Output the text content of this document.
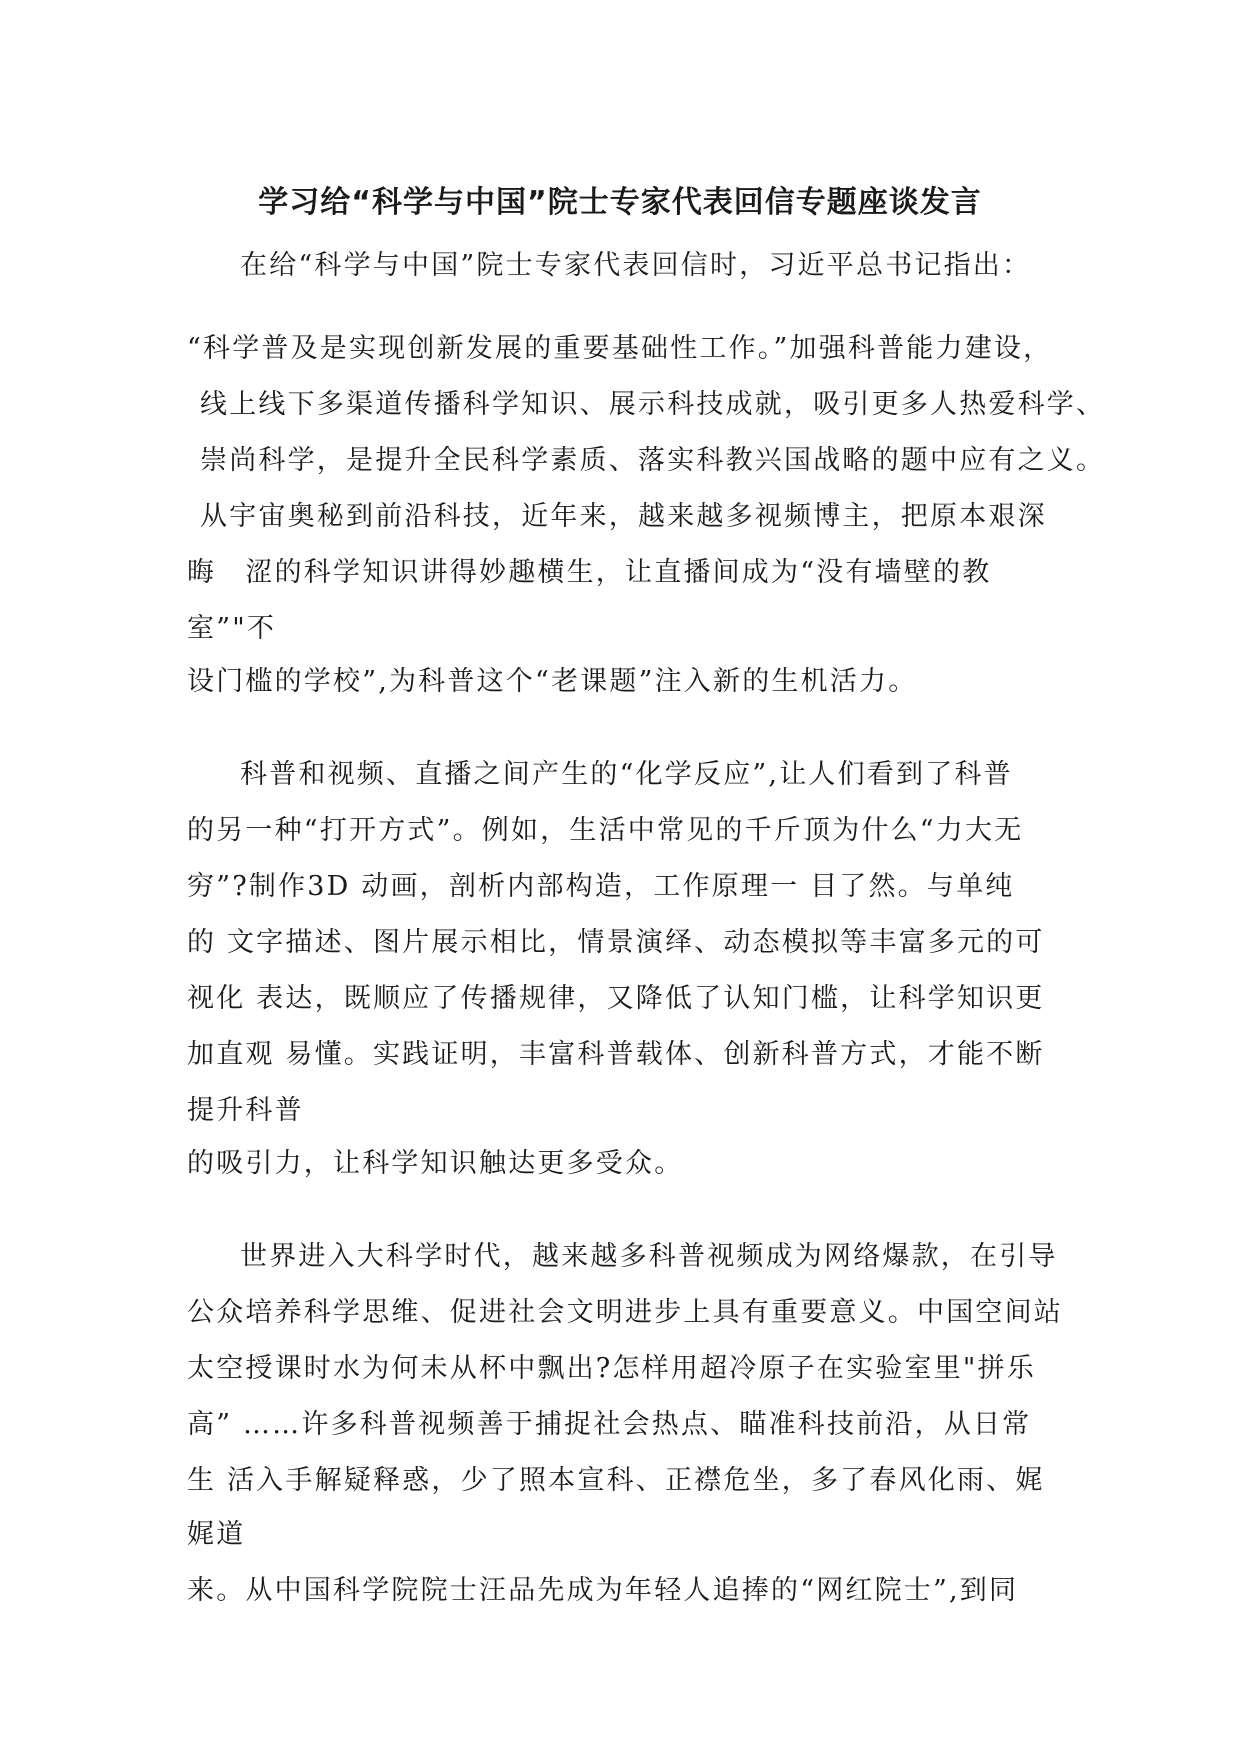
学习给“科学与中国”院士专家代表回信专题座谈发言
在给“科学与中国”院士专家代表回信时，习近平总书记指出：
“科学普及是实现创新发展的重要基础性工作。”加强科普能力建设，
线上线下多渠道传播科学知识、展示科技成就，吸引更多人热爱科学、
崇尚科学，是提升全民科学素质、落实科教兴国战略的题中应有之义。
从宇宙奥秘到前沿科技，近年来，越来越多视频博主，把原本艰深
晦　涩的科学知识讲得妙趣横生，让直播间成为“没有墙壁的教
室”"不
设门槛的学校”,为科普这个“老课题”注入新的生机活力。
科普和视频、直播之间产生的“化学反应”,让人们看到了科普
的另一种“打开方式”。例如，生活中常见的千斤顶为什么“力大无
穷”?制作3D 动画，剖析内部构造，工作原理一 目了然。与单纯
的 文字描述、图片展示相比，情景演绎、动态模拟等丰富多元的可
视化 表达，既顺应了传播规律，又降低了认知门槛，让科学知识更
加直观 易懂。实践证明，丰富科普载体、创新科普方式，才能不断
提升科普
的吸引力，让科学知识触达更多受众。
世界进入大科学时代，越来越多科普视频成为网络爆款，在引导
公众培养科学思维、促进社会文明进步上具有重要意义。中国空间站
太空授课时水为何未从杯中飘出?怎样用超冷原子在实验室里"拼乐
高” ……许多科普视频善于捕捉社会热点、瞄准科技前沿，从日常
生 活入手解疑释惑，少了照本宣科、正襟危坐，多了春风化雨、娓
娓道
来。从中国科学院院士汪品先成为年轻人追捧的“网红院士”,到同
